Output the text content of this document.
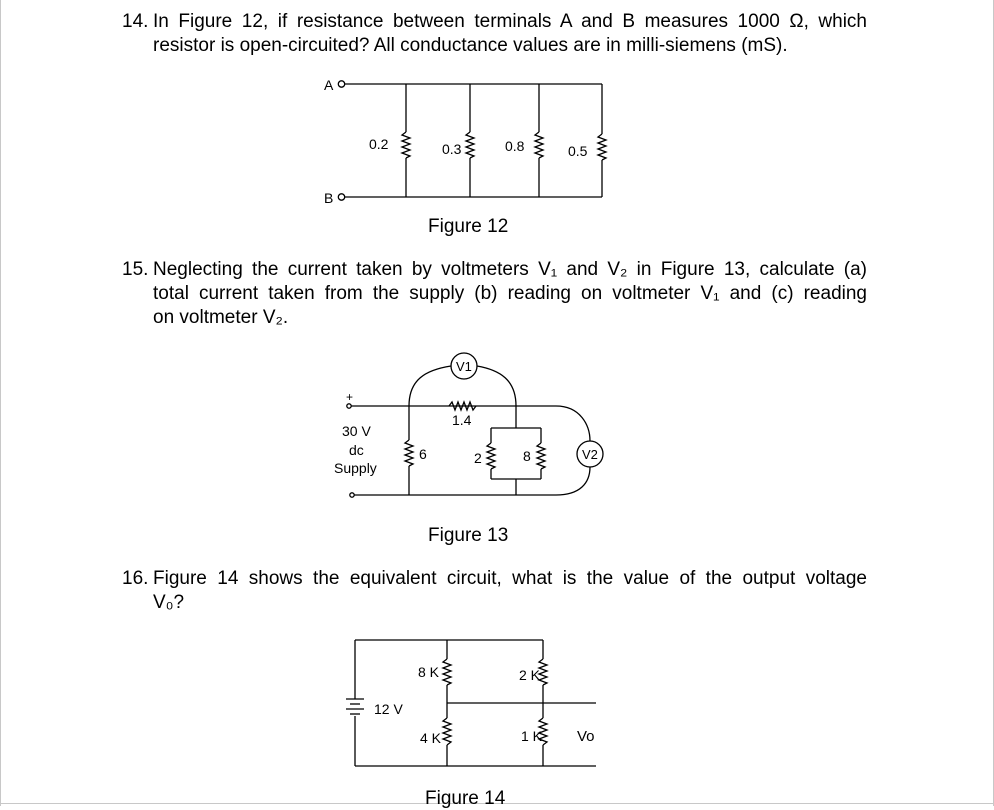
14. In Figure 12, if resistance between terminals A and B measures 1000 Ω, which
resistor is open-circuited? All conductance values are in milli-siemens (mS).
A
B
0.2	0.3	0.8	0.5
Figure 12
15. Neglecting the current taken by voltmeters V₁ and V₂ in Figure 13, calculate (a)
total current taken from the supply (b) reading on voltmeter V₁ and (c) reading
on voltmeter V₂.
+
30 V
dc
Supply
1.4
6	2	8
V1
V2
Figure 13
16. Figure 14 shows the equivalent circuit, what is the value of the output voltage
V₀?
8 K	2 K
4 K	1 K
12 V
Vo
Figure 14
